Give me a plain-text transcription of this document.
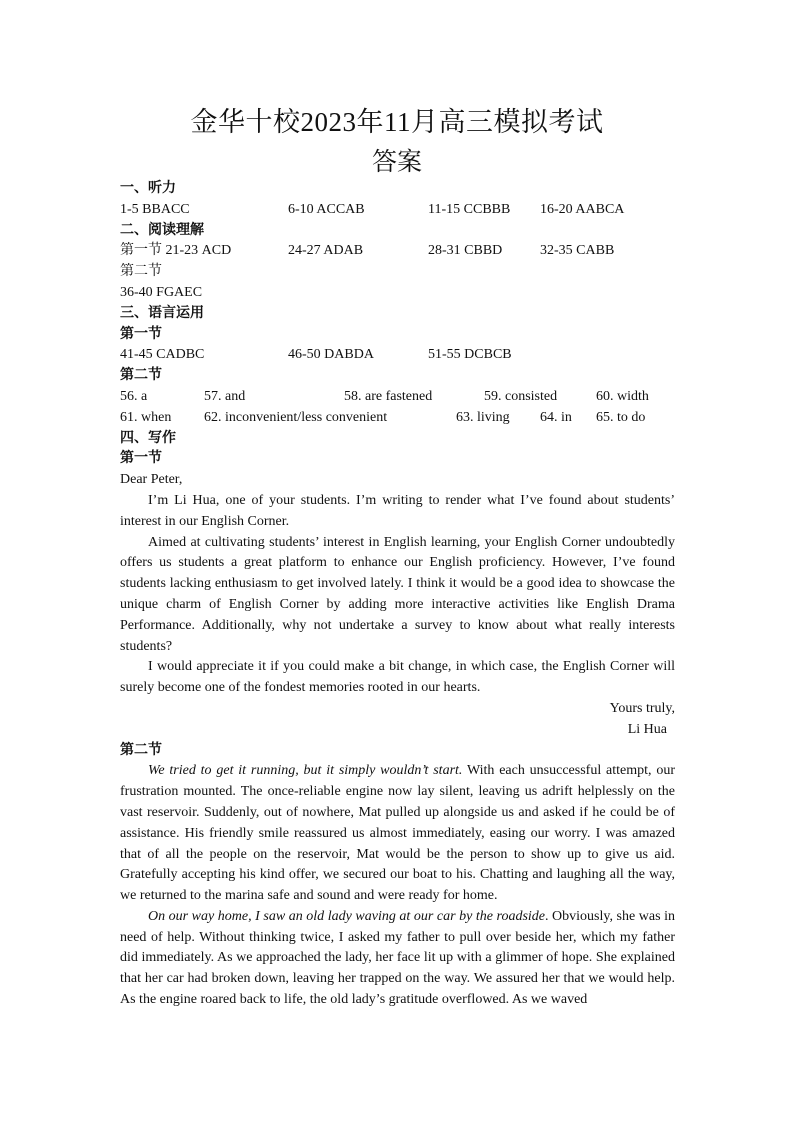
金华十校2023年11月高三模拟考试
答案
一、听力
1-5 BBACC	6-10 ACCAB	11-15 CCBBB 16-20 AABCA
二、阅读理解
第一节 21-23 ACD	24-27 ADAB	28-31 CBBD	32-35 CABB
第二节
36-40 FGAEC
三、语言运用
第一节
41-45 CADBC	46-50 DABDA	51-55 DCBCB
第二节
56. a	57. and	58. are fastened	59. consisted	60. width
61. when 62. inconvenient/less convenient	63. living 64. in 65. to do
四、写作
第一节
Dear Peter,

I’m Li Hua, one of your students. I’m writing to render what I’ve found about students’ interest in our English Corner.

Aimed at cultivating students’ interest in English learning, your English Corner undoubtedly offers us students a great platform to enhance our English proficiency. However, I’ve found students lacking enthusiasm to get involved lately. I think it would be a good idea to showcase the unique charm of English Corner by adding more interactive activities like English Drama Performance. Additionally, why not undertake a survey to know about what really interests students?

I would appreciate it if you could make a bit change, in which case, the English Corner will surely become one of the fondest memories rooted in our hearts.

Yours truly,
Li Hua
第二节

We tried to get it running, but it simply wouldn’t start. With each unsuccessful attempt, our frustration mounted. The once-reliable engine now lay silent, leaving us adrift helplessly on the vast reservoir. Suddenly, out of nowhere, Mat pulled up alongside us and asked if he could be of assistance. His friendly smile reassured us almost immediately, easing our worry. I was amazed that of all the people on the reservoir, Mat would be the person to show up to give us aid. Gratefully accepting his kind offer, we secured our boat to his. Chatting and laughing all the way, we returned to the marina safe and sound and were ready for home.

On our way home, I saw an old lady waving at our car by the roadside. Obviously, she was in need of help. Without thinking twice, I asked my father to pull over beside her, which my father did immediately. As we approached the lady, her face lit up with a glimmer of hope. She explained that her car had broken down, leaving her trapped on the way. We assured her that we would help. As the engine roared back to life, the old lady’s gratitude overflowed. As we waved
